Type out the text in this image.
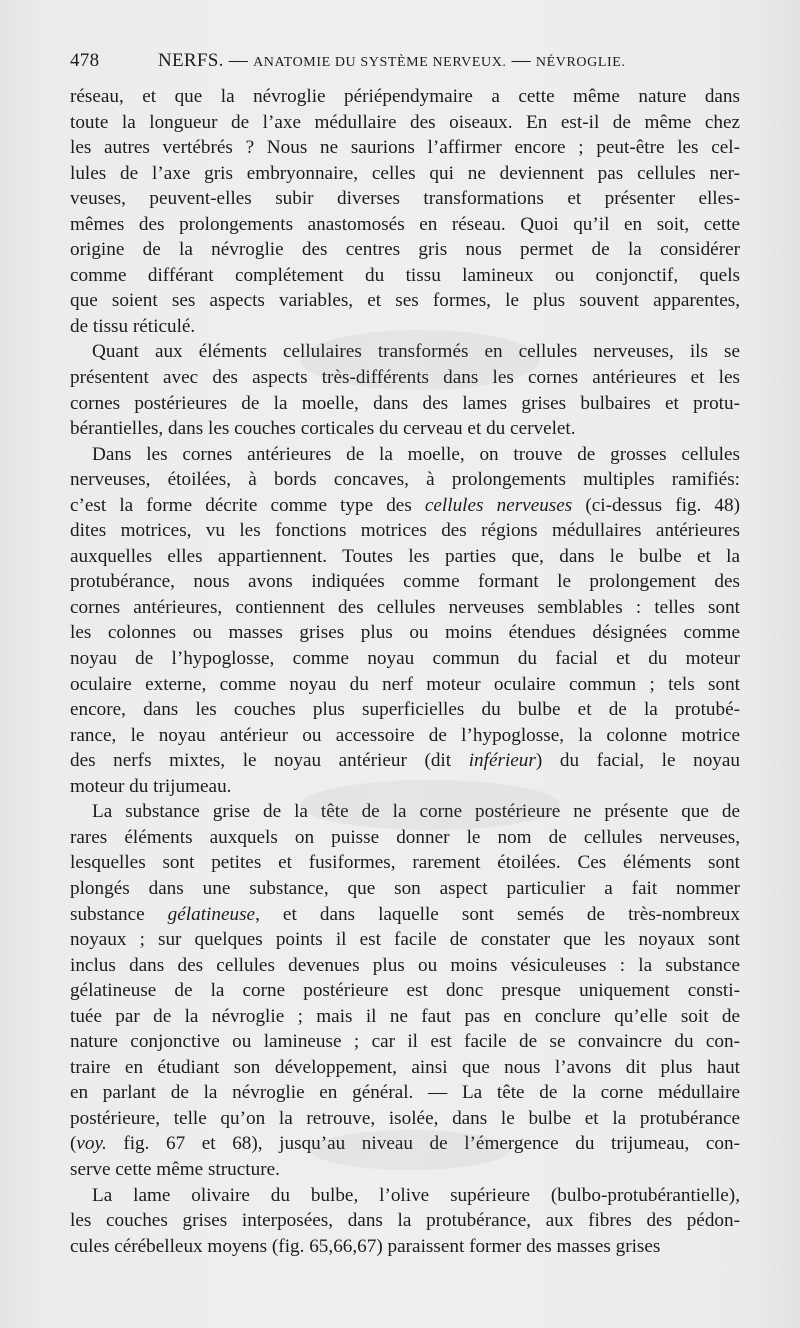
478	NERFS. — ANATOMIE DU SYSTÈME NERVEUX. — NÉVROGLIE.
réseau, et que la névroglie périépendymaire a cette même nature dans
toute la longueur de l’axe médullaire des oiseaux. En est-il de même chez
les autres vertébrés ? Nous ne saurions l’affirmer encore ; peut-être les cel-
lules de l’axe gris embryonnaire, celles qui ne deviennent pas cellules ner-
veuses, peuvent-elles subir diverses transformations et présenter elles-
mêmes des prolongements anastomosés en réseau. Quoi qu’il en soit, cette
origine de la névroglie des centres gris nous permet de la considérer
comme différant complétement du tissu lamineux ou conjonctif, quels
que soient ses aspects variables, et ses formes, le plus souvent apparentes,
de tissu réticulé.
Quant aux éléments cellulaires transformés en cellules nerveuses, ils se
présentent avec des aspects très-différents dans les cornes antérieures et les
cornes postérieures de la moelle, dans des lames grises bulbaires et protu-
bérantielles, dans les couches corticales du cerveau et du cervelet.
Dans les cornes antérieures de la moelle, on trouve de grosses cellules
nerveuses, étoilées, à bords concaves, à prolongements multiples ramifiés:
c’est la forme décrite comme type des cellules nerveuses (ci-dessus fig. 48)
dites motrices, vu les fonctions motrices des régions médullaires antérieures
auxquelles elles appartiennent. Toutes les parties que, dans le bulbe et la
protubérance, nous avons indiquées comme formant le prolongement des
cornes antérieures, contiennent des cellules nerveuses semblables : telles sont
les colonnes ou masses grises plus ou moins étendues désignées comme
noyau de l’hypoglosse, comme noyau commun du facial et du moteur
oculaire externe, comme noyau du nerf moteur oculaire commun ; tels sont
encore, dans les couches plus superficielles du bulbe et de la protubé-
rance, le noyau antérieur ou accessoire de l’hypoglosse, la colonne motrice
des nerfs mixtes, le noyau antérieur (dit inférieur) du facial, le noyau
moteur du trijumeau.
La substance grise de la tête de la corne postérieure ne présente que de
rares éléments auxquels on puisse donner le nom de cellules nerveuses,
lesquelles sont petites et fusiformes, rarement étoilées. Ces éléments sont
plongés dans une substance, que son aspect particulier a fait nommer
substance gélatineuse, et dans laquelle sont semés de très-nombreux
noyaux ; sur quelques points il est facile de constater que les noyaux sont
inclus dans des cellules devenues plus ou moins vésiculeuses : la substance
gélatineuse de la corne postérieure est donc presque uniquement consti-
tuée par de la névroglie ; mais il ne faut pas en conclure qu’elle soit de
nature conjonctive ou lamineuse ; car il est facile de se convaincre du con-
traire en étudiant son développement, ainsi que nous l’avons dit plus haut
en parlant de la névroglie en général. — La tête de la corne médullaire
postérieure, telle qu’on la retrouve, isolée, dans le bulbe et la protubérance
(voy. fig. 67 et 68), jusqu’au niveau de l’émergence du trijumeau, con-
serve cette même structure.
La lame olivaire du bulbe, l’olive supérieure (bulbo-protubérantielle),
les couches grises interposées, dans la protubérance, aux fibres des pédon-
cules cérébelleux moyens (fig. 65,66,67) paraissent former des masses grises
